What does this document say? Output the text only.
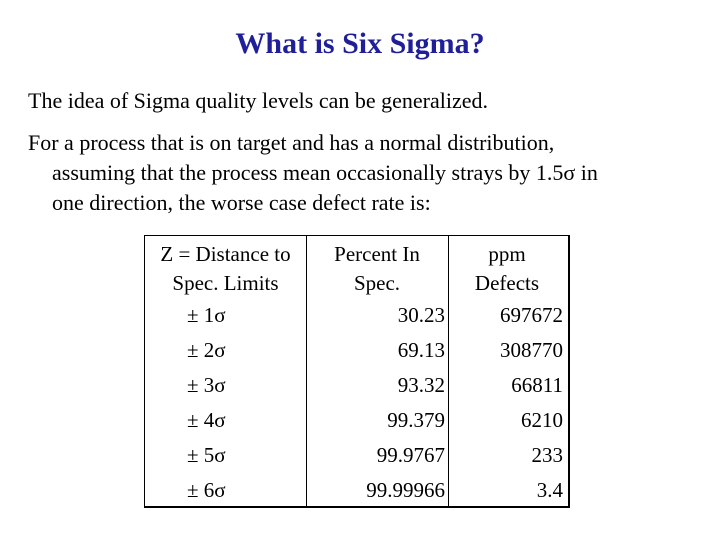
What is Six Sigma?
The idea of Sigma quality levels can be generalized.
For a process that is on target and has a normal distribution,
assuming that the process mean occasionally strays by 1.5σ in
one direction, the worse case defect rate is:
Z = Distance to
Spec. Limits
± 1σ
± 2σ
± 3σ
± 4σ
± 5σ
± 6σ
Percent In
Spec.
30.23
69.13
93.32
99.379
99.9767
99.99966
ppm
Defects
697672
308770
66811
6210
233
3.4
